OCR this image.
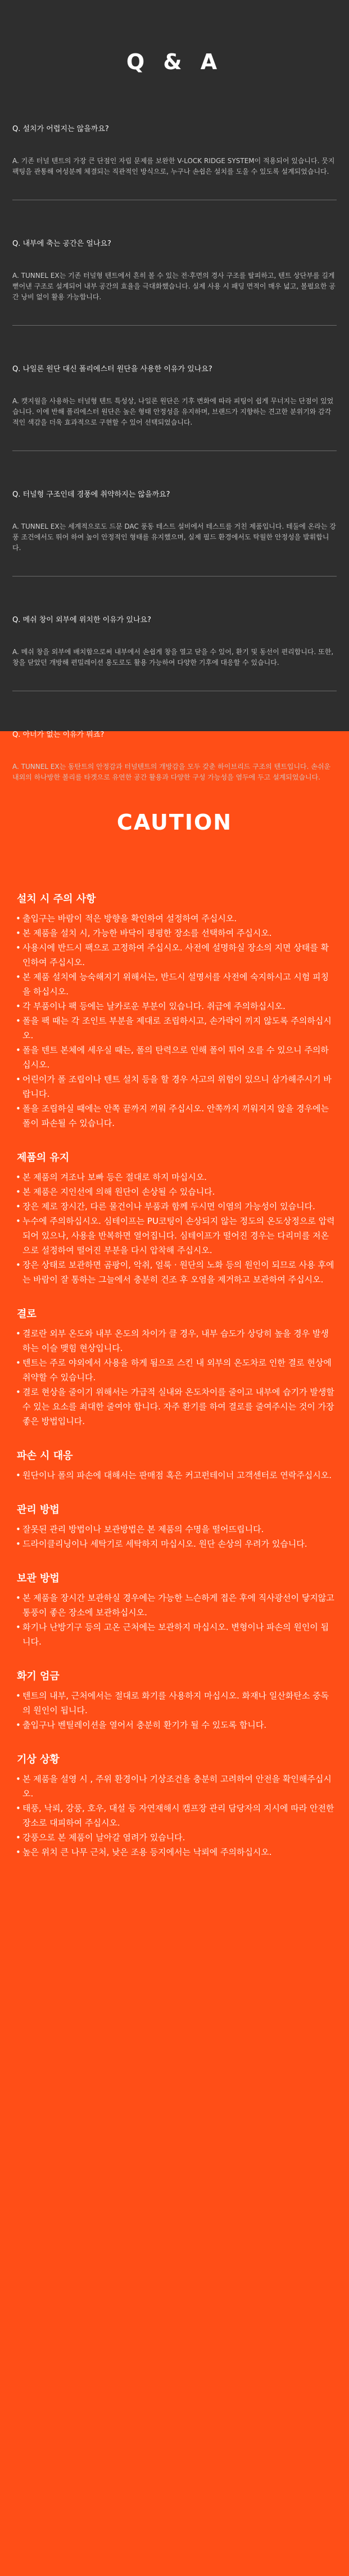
Q & A

Q. 설치가 어렵지는 않을까요?

A. 기존 터널 텐트의 가장 큰 단점인 자립 문제를 보완한 V-LOCK RIDGE SYSTEM이 적용되어 있습니다. 뭇지 팩팅을 관통해 여성분께 체결되는 직관적인 방식으로, 누구나 손쉽은 설치를 도울 수 있도록 설계되었습니다.

Q. 내부에 축는 공간은 얼나요?

A. TUNNEL EX는 기존 터널형 텐트에서 흔히 볼 수 있는 전·후면의 경사 구조를 탈피하고, 텐트 상단부를 길게 뻗어낸 구조로 설계되어 내부 공간의 효율을 극대화했습니다. 실제 사용 시 패딩 면적이 매우 넓고, 볼펄요한 공간 낭비 없이 활용 가능합니다.

Q. 나일론 원단 대신 폴리에스터 원단을 사용한 이유가 있나요?

A. 캣지월을 사용하는 터널형 텐트 특성상, 나일론 원단은 기후 변화에 따라 피팅이 쉽게 무너지는 단점이 있었습니다. 이에 반해 폴리에스터 원단은 높은 형태 안정성을 유지하며, 브랜드가 지향하는 견고한 분위기와 감각적인 색감을 더욱 효과적으로 구현할 수 있어 선택되었습니다.

Q. 터널형 구조인데 경풍에 취약하지는 않을까요?

A. TUNNEL EX는 세계적으로도 드문 DAC 풍동 테스트 설비에서 테스트를 거친 제품입니다. 테둘에 온라는 강풍 조건에서도 뛰어 하여 높이 안정적인 형태를 유지했으며, 실제 필드 환경에서도 탁월한 안정성을 발휘합니다.

Q. 메쉬 창이 외부에 위치한 이유가 있나요?

A. 메쉬 창을 외부에 배치함으로써 내부에서 손쉽게 창을 열고 닫을 수 있어, 환기 및 동선이 편리합니다. 또한, 창을 닫았던 개방해 편밀레이션 용도로도 활용 가능하여 다양한 기후에 대응할 수 있습니다.

Q. 아너가 없는 이유가 뭐죠?

A. TUNNEL EX는 동탄트의 안정감과 터널텐트의 개방감을 모두 갖춘 하이브리드 구조의 텐트입니다. 손쉬운 내외의 하나방한 볼리를 타겟으로 유연한 공간 활용과 다양한 구성 가능성을 염두에 두고 설계되었습니다.

CAUTION
설치 시 주의 사항
• 출입구는 바람이 적은 방향을 확인하여 설정하여 주십시오.
• 본 제품을 설치 시, 가능한 바닥이 평평한 장소를 선택하여 주십시오.
• 사용시에 반드시 팩으로 고정하여 주십시오. 사전에 설명하실 장소의 지면 상태를 확인하여 주십시오.
• 본 제품 설치에 능숙해지기 위해서는, 반드시 설명서를 사전에 숙지하시고 시험 피칭을 하십시오.
• 각 부품이나 팩 등에는 날카로운 부분이 있습니다. 취급에 주의하십시오.
• 폴을 팩 때는 각 조인트 부분을 제대로 조립하시고, 손가락이 끼지 않도록 주의하십시오.
• 폴을 텐트 본체에 세우실 때는, 폴의 탄력으로 인해 폴이 튀어 오를 수 있으니 주의하십시오.
• 어린이가 폴 조립이나 텐트 설치 등을 할 경우 사고의 위험이 있으니 삼가해주시기 바랍니다.
• 폴을 조립하실 때에는 안쪽 끝까지 끼워 주십시오. 안쪽까지 끼워지지 않을 경우에는 폴이 파손될 수 있습니다.
제품의 유지
• 본 제품의 겨조나 보빠 등은 절대로 하지 마십시오.
• 본 제품은 지인선에 의해 원단이 손상될 수 있습니다.
• 장은 제로 장시간, 다른 물건이나 부품과 함께 두시면 이염의 가능성이 있습니다.
• 누수에 주의하십시오. 심테이프는 PU코팅이 손상되지 않는 정도의 온도상정으로 압력되어 있으나, 사용을 반복하면 열어집니다. 심테이프가 떨어진 경우는 다리미를 저온으로 설정하여 떨어진 부분을 다시 압착해 주십시오.
• 장은 상태로 보관하면 곰팡이, 악취, 얼룩 · 원단의 노화 등의 원인이 되므로 사용 후에는 바람이 잘 통하는 그늘에서 충분히 건조 후 오염을 제거하고 보관하여 주십시오.
결로
• 결로란 외부 온도와 내부 온도의 차이가 클 경우, 내부 습도가 상당히 높을 경우 발생하는 이슬 맺힘 현상입니다.
• 텐트는 주로 야외에서 사용을 하게 됨으로 스킨 내 외부의 온도차로 인한 결로 현상에 취약할 수 있습니다.
• 결로 현상을 줄이기 위해서는 가급적 실내와 온도차이를 줄이고 내부에 습기가 발생할 수 있는 요소를 최대한 줄여야 합니다. 자주 환기를 하여 결로를 줄여주시는 것이 가장 좋은 방법입니다.
파손 시 대응
• 원단이나 폴의 파손에 대해서는 판매점 혹은 커고펀테이너 고객센터로 연락주십시오.
관리 방법
• 잘못된 관리 방법이나 보관방법은 본 제품의 수명을 떨어뜨립니다.
• 드라이클리닝이나 세탁기로 세탁하지 마십시오. 원단 손상의 우려가 있습니다.
보관 방법
• 본 제품을 장시간 보관하실 경우에는 가능한 느슨하게 접은 후에 직사광선이 닿지않고 통풍이 좋은 장소에 보관하십시오.
• 화기나 난방기구 등의 고온 근처에는 보관하지 마십시오. 변형이나 파손의 원인이 됩니다.
화기 엄금
• 텐트의 내부, 근처에서는 절대로 화기를 사용하지 마십시오. 화재나 일산화탄소 중독의 원인이 됩니다.
• 출입구나 벤틸레이션을 열어서 충분히 환기가 될 수 있도록 합니다.
기상 상황
• 본 제품을 설영 시 , 주위 환경이나 기상조건을 충분히 고려하여 안전을 확인해주십시오.
• 태풍, 낙뢰, 강풍, 호우, 대설 등 자연재해시 캠프장 관리 담당자의 지시에 따라 안전한 장소로 대피하여 주십시오.
• 강풍으로 본 제품이 날아갈 염려가 있습니다.
• 높은 위치 큰 나무 근처, 낮은 조용 등지에서는 낙뢰에 주의하십시오.
